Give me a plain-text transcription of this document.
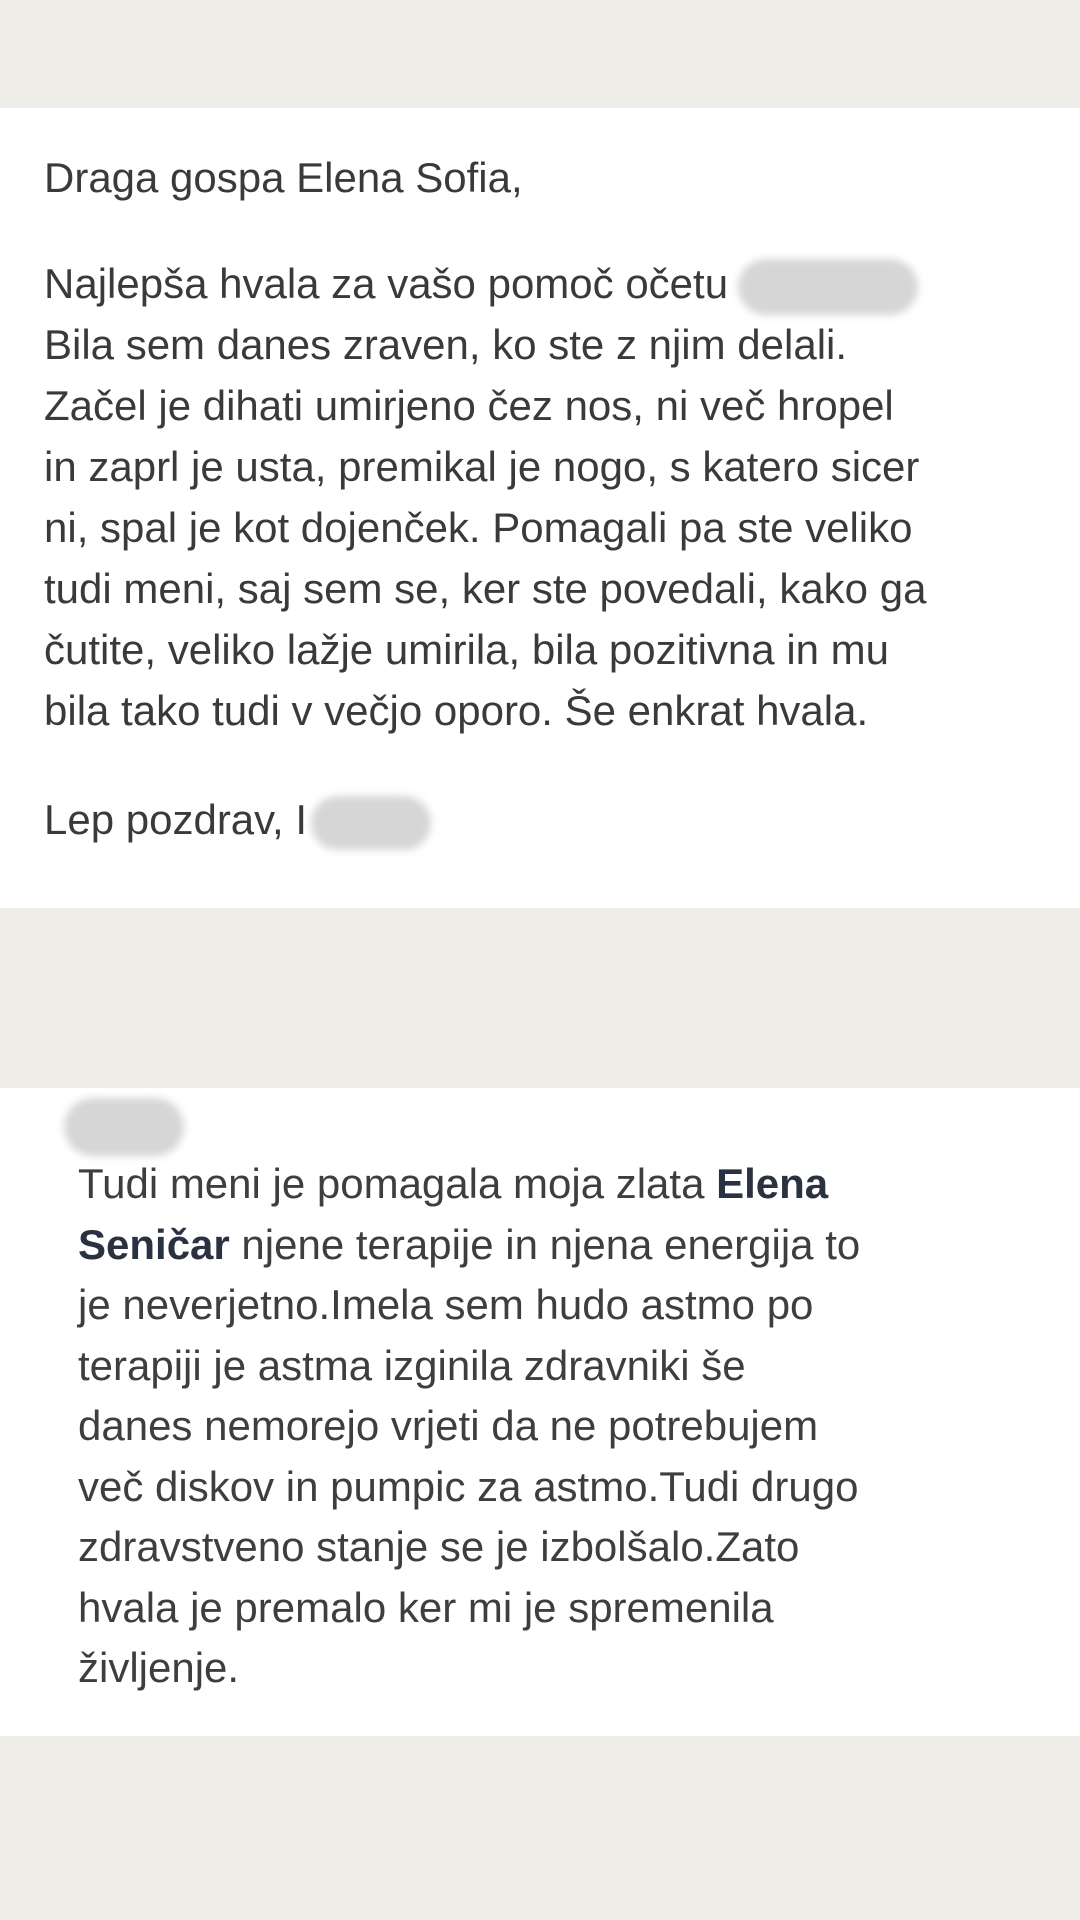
Draga gospa Elena Sofia,
Najlepša hvala za vašo pomoč očetu
Bila sem danes zraven, ko ste z njim delali.
Začel je dihati umirjeno čez nos, ni več hropel
in zaprl je usta, premikal je nogo, s katero sicer
ni, spal je kot dojenček. Pomagali pa ste veliko
tudi meni, saj sem se, ker ste povedali, kako ga
čutite, veliko lažje umirila, bila pozitivna in mu
bila tako tudi v večjo oporo. Še enkrat hvala.
Lep pozdrav, I
Tudi meni je pomagala moja zlata Elena
Seničar njene terapije in njena energija to
je neverjetno.Imela sem hudo astmo po
terapiji je astma izginila zdravniki še
danes nemorejo vrjeti da ne potrebujem
več diskov in pumpic za astmo.Tudi drugo
zdravstveno stanje se je izbolšalo.Zato
hvala je premalo ker mi je spremenila
življenje.
